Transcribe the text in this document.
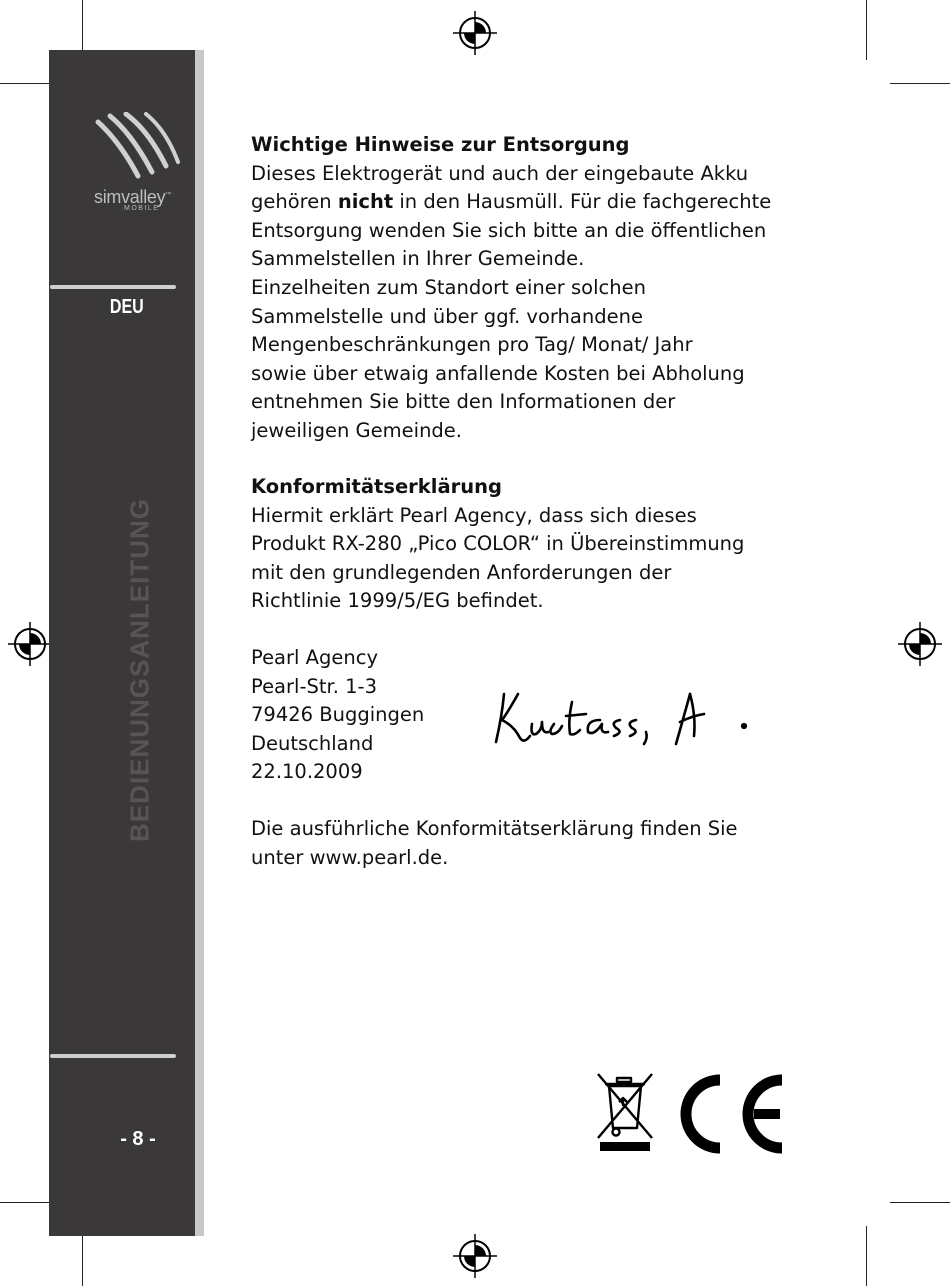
simvalley™
MOBILE
DEU
BEDIENUNGSANLEITUNG
- 8 -
Wichtige Hinweise zur Entsorgung
Dieses Elektrogerät und auch der eingebaute Akku
gehören nicht in den Hausmüll. Für die fachgerechte
Entsorgung wenden Sie sich bitte an die öffentlichen
Sammelstellen in Ihrer Gemeinde.
Einzelheiten zum Standort einer solchen
Sammelstelle und über ggf. vorhandene
Mengenbeschränkungen pro Tag/ Monat/ Jahr
sowie über etwaig anfallende Kosten bei Abholung
entnehmen Sie bitte den Informationen der
jeweiligen Gemeinde.
Konformitätserklärung
Hiermit erklärt Pearl Agency, dass sich dieses
Produkt RX-280 „Pico COLOR“ in Übereinstimmung
mit den grundlegenden Anforderungen der
Richtlinie 1999/5/EG befindet.
Pearl Agency
Pearl-Str. 1-3
79426 Buggingen
Deutschland
22.10.2009
Die ausführliche Konformitätserklärung finden Sie
unter www.pearl.de.
